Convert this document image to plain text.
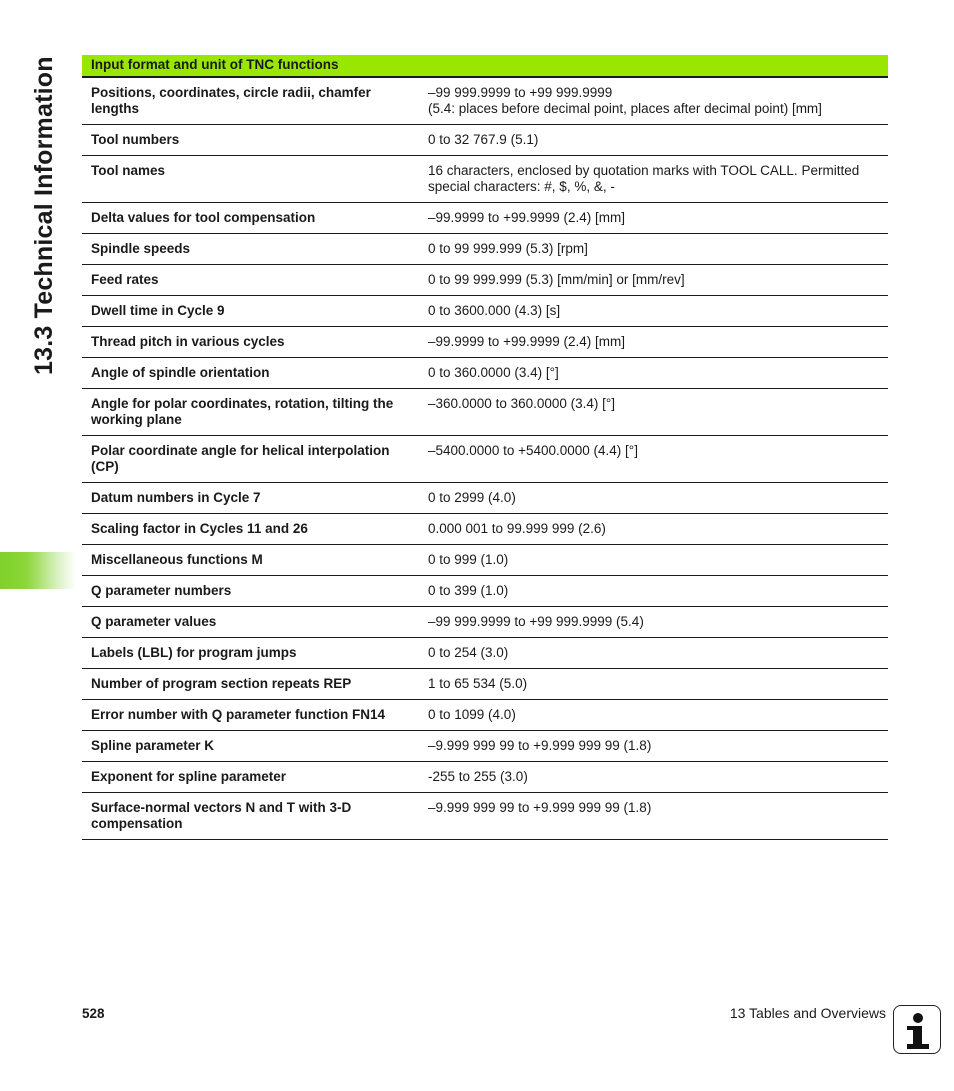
13.3 Technical Information Input format and unit of TNC functions	
Positions, coordinates, circle radii, chamfer lengths	–99 999.9999 to +99 999.9999
(5.4: places before decimal point, places after decimal point) [mm]
Tool numbers	0 to 32 767.9 (5.1)
Tool names	16 characters, enclosed by quotation marks with TOOL CALL. Permitted special characters: #, $, %, &, -
Delta values for tool compensation	–99.9999 to +99.9999 (2.4) [mm]
Spindle speeds	0 to 99 999.999 (5.3) [rpm]
Feed rates	0 to 99 999.999 (5.3) [mm/min] or [mm/rev]
Dwell time in Cycle 9	0 to 3600.000 (4.3) [s]
Thread pitch in various cycles	–99.9999 to +99.9999 (2.4) [mm]
Angle of spindle orientation	0 to 360.0000 (3.4) [°]
Angle for polar coordinates, rotation, tilting the working plane	–360.0000 to 360.0000 (3.4) [°]
Polar coordinate angle for helical interpolation (CP)	–5400.0000 to +5400.0000 (4.4) [°]
Datum numbers in Cycle 7	0 to 2999 (4.0)
Scaling factor in Cycles 11 and 26	0.000 001 to 99.999 999 (2.6)
Miscellaneous functions M	0 to 999 (1.0)
Q parameter numbers	0 to 399 (1.0)
Q parameter values	–99 999.9999 to +99 999.9999 (5.4)
Labels (LBL) for program jumps	0 to 254 (3.0)
Number of program section repeats REP	1 to 65 534 (5.0)
Error number with Q parameter function FN14	0 to 1099 (4.0)
Spline parameter K	–9.999 999 99 to +9.999 999 99 (1.8)
Exponent for spline parameter	-255 to 255 (3.0)
Surface-normal vectors N and T with 3-D compensation	–9.999 999 99 to +9.999 999 99 (1.8)
528	13 Tables and Overviews
